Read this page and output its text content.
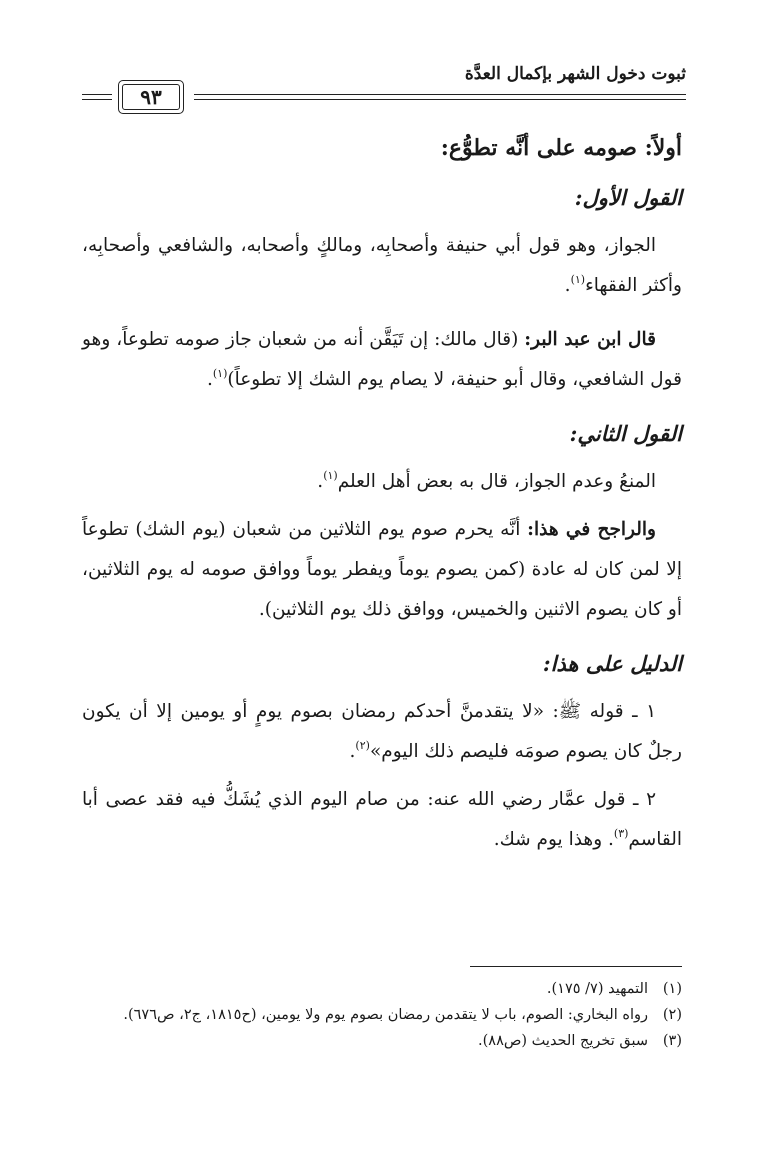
ثبوت دخول الشهر بإكمال العدَّة
٩٣
أولاً: صومه على أنَّه تطوُّع:
القول الأول:

الجواز، وهو قول أبي حنيفة وأصحابِه، ومالكٍ وأصحابه، والشافعي وأصحابِه، وأكثر الفقهاء$^{(١)}$.

قال ابن عبد البر: (قال مالك: إن تَيَقَّن أنه من شعبان جاز صومه تطوعاً، وهو قول الشافعي، وقال أبو حنيفة، لا يصام يوم الشك إلا تطوعاً)$^{(١)}$.

القول الثاني:

المنعُ وعدم الجواز، قال به بعض أهل العلم$^{(١)}$.

والراجح في هذا: أنَّه يحرم صوم يوم الثلاثين من شعبان (يوم الشك) تطوعاً إلا لمن كان له عادة (كمن يصوم يوماً ويفطر يوماً ووافق صومه له يوم الثلاثين، أو كان يصوم الاثنين والخميس، ووافق ذلك يوم الثلاثين).

الدليل على هذا:

١ ـ قوله ﷺ: «لا يتقدمنَّ أحدكم رمضان بصوم يومٍ أو يومين إلا أن يكون رجلٌ كان يصوم صومَه فليصم ذلك اليوم»$^{(٢)}$.

٢ ـ قول عمَّار رضي الله عنه: من صام اليوم الذي يُشَكُّ فيه فقد عصى أبا القاسم$^{(٣)}$. وهذا يوم شك.

(١)
التمهيد (٧/ ١٧٥).
(٢)
رواه البخاري: الصوم، باب لا يتقدمن رمضان بصوم يوم ولا يومين، (ح١٨١٥، ج٢، ص٦٧٦).
(٣)
سبق تخريج الحديث (ص٨٨).
